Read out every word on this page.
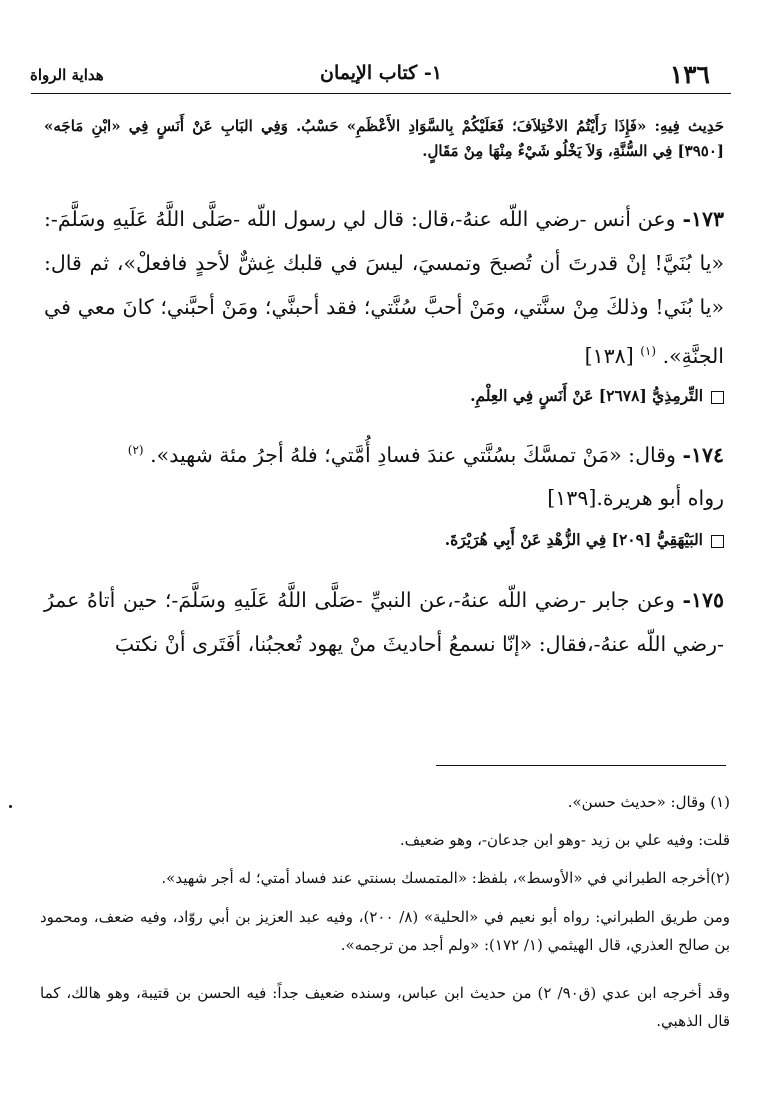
١٣٦
١- كتاب الإيمان
هداية الرواة
حَدِيث فِيهِ: «فَإِذَا رَأَيْتُمُ الاخْتِلاَفَ؛ فَعَلَيْكُمْ بِالسَّوَادِ الأَعْظَمِ» حَسْبُ. وَفِي البَابِ عَنْ أَنَسٍ فِي «ابْنِ مَاجَه» [٣٩٥٠] فِي السُّنَّةِ، وَلاَ يَخْلُو شَيْءٌ مِنْهَا مِنْ مَقَالٍ.
١٧٣- وعن أنس -رضي اللّه عنهُ-،قال: قال لي رسول اللّه -صَلَّى اللَّهُ عَلَيهِ وسَلَّمَ-: «يا بُنَيَّ! إنْ قدرتَ أن تُصبحَ وتمسيَ، ليسَ في قلبك غِشٌّ لأحدٍ فافعلْ»، ثم قال: «يا بُنَي! وذلكَ مِنْ سنَّتي، ومَنْ أحبَّ سُنَّتي؛ فقد أحبنَّي؛ ومَنْ أحبَّني؛ كانَ معي في الجنَّةِ». $^{(١)}$ [١٣٨]
التِّرمِذِيُّ [٢٦٧٨] عَنْ أَنَسٍ فِي العِلْمِ.
١٧٤- وقال: «مَنْ تمسَّكَ بسُنَّتي عندَ فسادِ أُمَّتي؛ فلهُ أجرُ مئة شهيد». $^{(٢)}$
رواه أبو هريرة.[١٣٩]
البَيْهَقِيُّ [٢٠٩] فِي الزُّهْدِ عَنْ أَبِي هُرَيْرَةَ.
١٧٥- وعن جابر -رضي اللّه عنهُ-،عن النبيِّ -صَلَّى اللَّهُ عَلَيهِ وسَلَّمَ-؛ حين أتاهُ عمرُ -رضي اللّه عنهُ-،فقال: «إنّا نسمعُ أحاديثَ منْ يهود تُعجبُنا، أفَتَرى أنْ نكتبَ
(١) وقال: «حديث حسن».
قلت: وفيه علي بن زيد -وهو ابن جدعان-، وهو ضعيف.
(٢)أخرجه الطبراني في «الأوسط»، بلفظ: «المتمسك بسنتي عند فساد أمتي؛ له أجر شهيد».
ومن طريق الطبراني: رواه أبو نعيم في «الحلية» (٨/ ٢٠٠)، وفيه عبد العزيز بن أبي روّاد، وفيه ضعف، ومحمود بن صالح العذري، قال الهيثمي (١/ ١٧٢): «ولم أجد من ترجمه».
وقد أخرجه ابن عدي (ق٩٠/ ٢) من حديث ابن عباس، وسنده ضعيف جداً: فيه الحسن بن قتيبة، وهو هالك، كما قال الذهبي.
